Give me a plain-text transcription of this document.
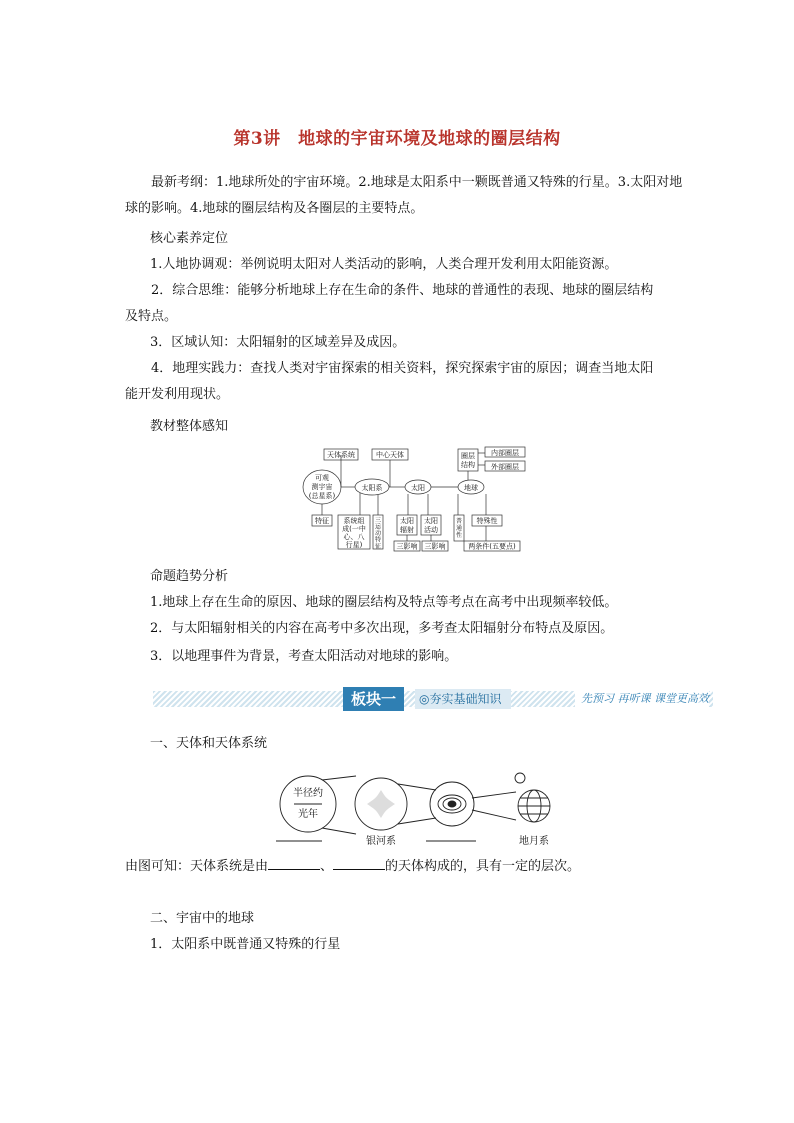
第3讲　地球的宇宙环境及地球的圈层结构
最新考纲：1.地球所处的宇宙环境。2.地球是太阳系中一颗既普通又特殊的行星。3.太阳对地球的影响。4.地球的圈层结构及各圈层的主要特点。
核心素养定位
1.人地协调观：举例说明太阳对人类活动的影响，人类合理开发利用太阳能资源。
2．综合思维：能够分析地球上存在生命的条件、地球的普通性的表现、地球的圈层结构及特点。
3．区域认知：太阳辐射的区域差异及成因。
4．地理实践力：查找人类对宇宙探索的相关资料，探究探索宇宙的原因；调查当地太阳能开发利用现状。
教材整体感知
天体系统	中心天体	圈层
结构
内部圈层
外部圈层
可观
测宇宙
(总星系)
太阳系	太阳	地球
特征 系统组
成(一中
心、八
行星)
三
运
动
特
征
太阳
辐射
太阳
活动
普
通
性
特殊性
三影响 三影响	两条件(五要点)
命题趋势分析
1.地球上存在生命的原因、地球的圈层结构及特点等考点在高考中出现频率较低。
2．与太阳辐射相关的内容在高考中多次出现，多考查太阳辐射分布特点及原因。
3．以地理事件为背景，考查太阳活动对地球的影响。
板块一	◎夯实基础知识	先预习 再听课 课堂更高效
一、天体和天体系统
半径约
光年
银河系	地月系
由图可知：天体系统是由	、	的天体构成的，具有一定的层次。
二、宇宙中的地球
1．太阳系中既普通又特殊的行星
